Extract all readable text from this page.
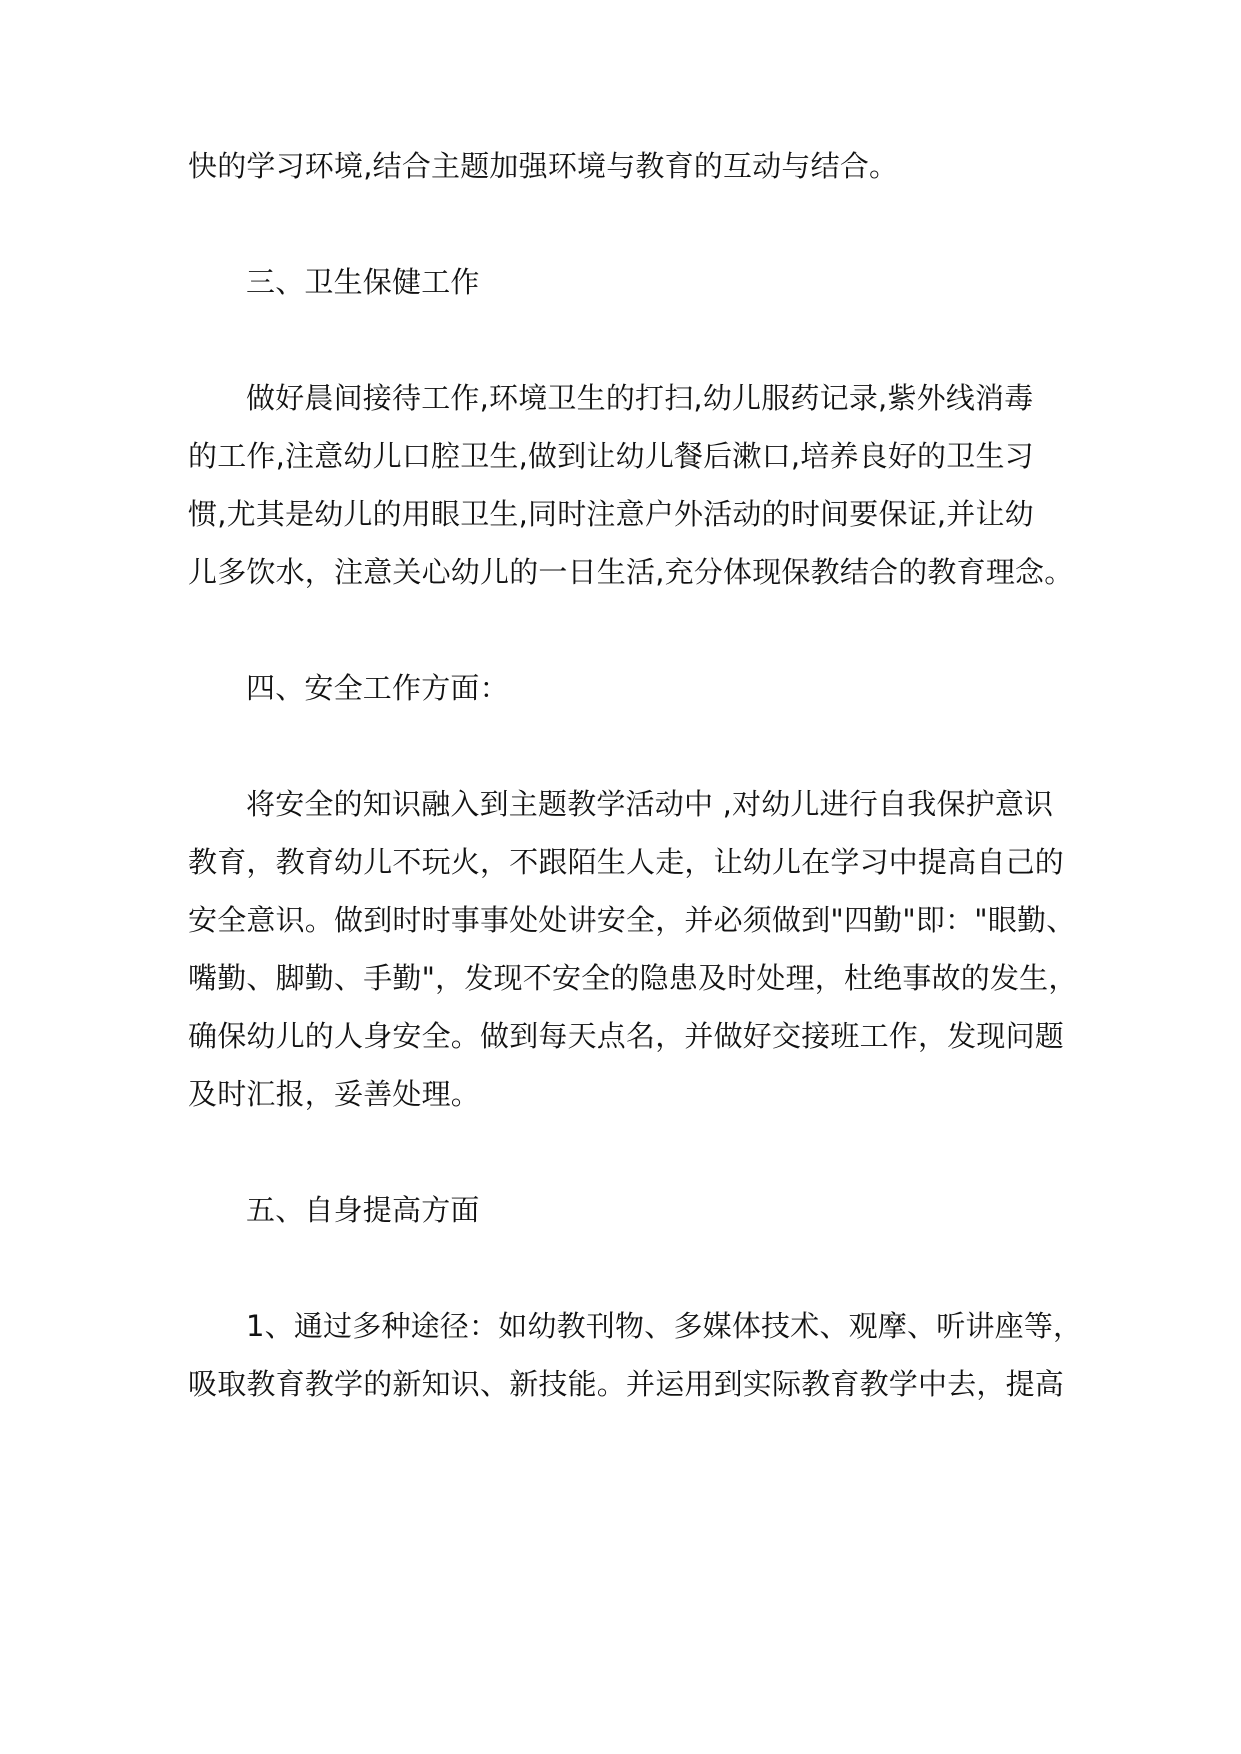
快的学习环境,结合主题加强环境与教育的互动与结合。
三、卫生保健工作
做好晨间接待工作,环境卫生的打扫,幼儿服药记录,紫外线消毒
的工作,注意幼儿口腔卫生,做到让幼儿餐后漱口,培养良好的卫生习
惯,尤其是幼儿的用眼卫生,同时注意户外活动的时间要保证,并让幼
儿多饮水，注意关心幼儿的一日生活,充分体现保教结合的教育理念。
四、安全工作方面：
将安全的知识融入到主题教学活动中 ,对幼儿进行自我保护意识
教育，教育幼儿不玩火，不跟陌生人走，让幼儿在学习中提高自己的
安全意识。做到时时事事处处讲安全，并必须做到"四勤"即："眼勤、
嘴勤、脚勤、手勤"，发现不安全的隐患及时处理，杜绝事故的发生，
确保幼儿的人身安全。做到每天点名，并做好交接班工作，发现问题
及时汇报，妥善处理。
五、自身提高方面
1、通过多种途径：如幼教刊物、多媒体技术、观摩、听讲座等，
吸取教育教学的新知识、新技能。并运用到实际教育教学中去，提高
